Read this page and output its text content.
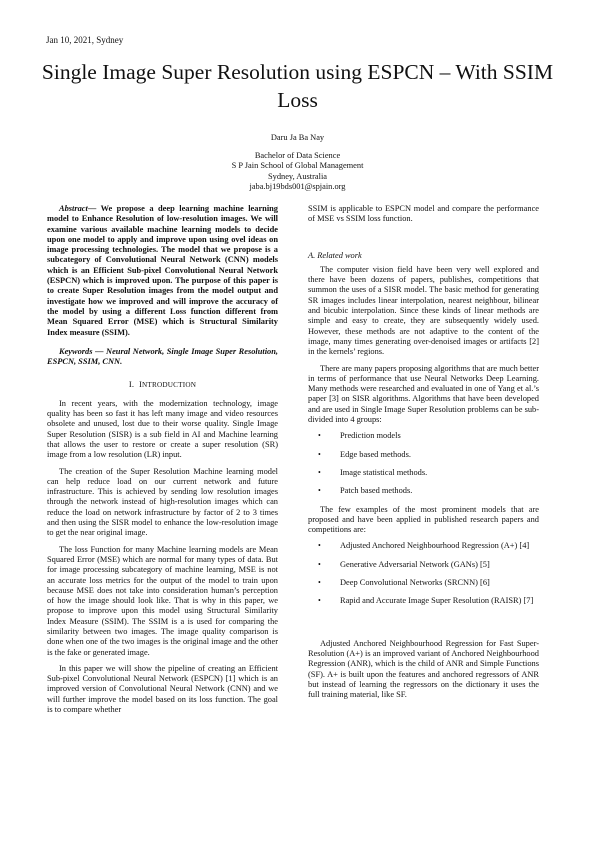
Jan 10, 2021, Sydney
Single Image Super Resolution using ESPCN – With SSIM Loss
Daru Ja Ba Nay
Bachelor of Data Science
S P Jain School of Global Management
Sydney, Australia
jaba.bj19bds001@spjain.org

Abstract— We propose a deep learning machine learning model to Enhance Resolution of low-resolution images. We will examine various available machine learning models to decide upon one model to apply and improve upon using ovel ideas on image processing technologies. The model that we propose is a subcategory of Convolutional Neural Network (CNN) models which is an Efficient Sub-pixel Convolutional Neural Network (ESPCN) which is improved upon. The purpose of this paper is to create Super Resolution images from the model output and investigate how we improved and will improve the accuracy of the model by using a different Loss function different from Mean Squared Error (MSE) which is Structural Similarity Index measure (SSIM).

Keywords — Neural Network, Single Image Super Resolution, ESPCN, SSIM, CNN.

I. INTRODUCTION

In recent years, with the modernization technology, image quality has been so fast it has left many image and video resources obsolete and unused, lost due to their worse quality. Single Image Super Resolution (SISR) is a sub field in AI and Machine learning that allows the user to restore or create a super resolution (SR) image from a low resolution (LR) input.

The creation of the Super Resolution Machine learning model can help reduce load on our current network and future infrastructure. This is achieved by sending low resolution images through the network instead of high-resolution images which can reduce the load on network infrastructure by factor of 2 to 3 times and then using the SISR model to enhance the low-resolution image to get the near original image.

The loss Function for many Machine learning models are Mean Squared Error (MSE) which are normal for many types of data. But for image processing subcategory of machine learning, MSE is not an accurate loss metrics for the output of the model to train upon because MSE does not take into consideration human’s perception of how the image should look like. That is why in this paper, we propose to improve upon this model using Structural Similarity Index Measure (SSIM). The SSIM is a is used for comparing the similarity between two images. The image quality comparison is done when one of the two images is the original image and the other is the fake or generated image.

In this paper we will show the pipeline of creating an Efficient Sub-pixel Convolutional Neural Network (ESPCN) [1] which is an improved version of Convolutional Neural Network (CNN) and we will further improve the model based on its loss function. The goal is to compare whether

SSIM is applicable to ESPCN model and compare the performance of MSE vs SSIM loss function.

A. Related work

The computer vision field have been very well explored and there have been dozens of papers, publishes, competitions that summon the uses of a SISR model. The basic method for generating SR images includes linear interpolation, nearest neighbour, bilinear and bicubic interpolation. Since these kinds of linear methods are simple and easy to create, they are subsequently widely used. However, these methods are not adaptive to the content of the image, many times generating over-denoised images or artifacts [2] in the kernels’ regions.

There are many papers proposing algorithms that are much better in terms of performance that use Neural Networks Deep Learning. Many methods were researched and evaluated in one of Yang et al.’s paper [3] on SISR algorithms. Algorithms that have been developed and are used in Single Image Super Resolution problems can be sub-divided into 4 groups:

• Prediction models
• Edge based methods.
• Image statistical methods.
• Patch based methods.

The few examples of the most prominent models that are proposed and have been applied in published research papers and competitions are:

• Adjusted Anchored Neighbourhood Regression (A+) [4]
• Generative Adversarial Network (GANs) [5]
• Deep Convolutional Networks (SRCNN) [6]
• Rapid and Accurate Image Super Resolution (RAISR) [7]

Adjusted Anchored Neighbourhood Regression for Fast Super-Resolution (A+) is an improved variant of Anchored Neighbourhood Regression (ANR), which is the child of ANR and Simple Functions (SF). A+ is built upon the features and anchored regressors of ANR but instead of learning the regressors on the dictionary it uses the full training material, like SF.
